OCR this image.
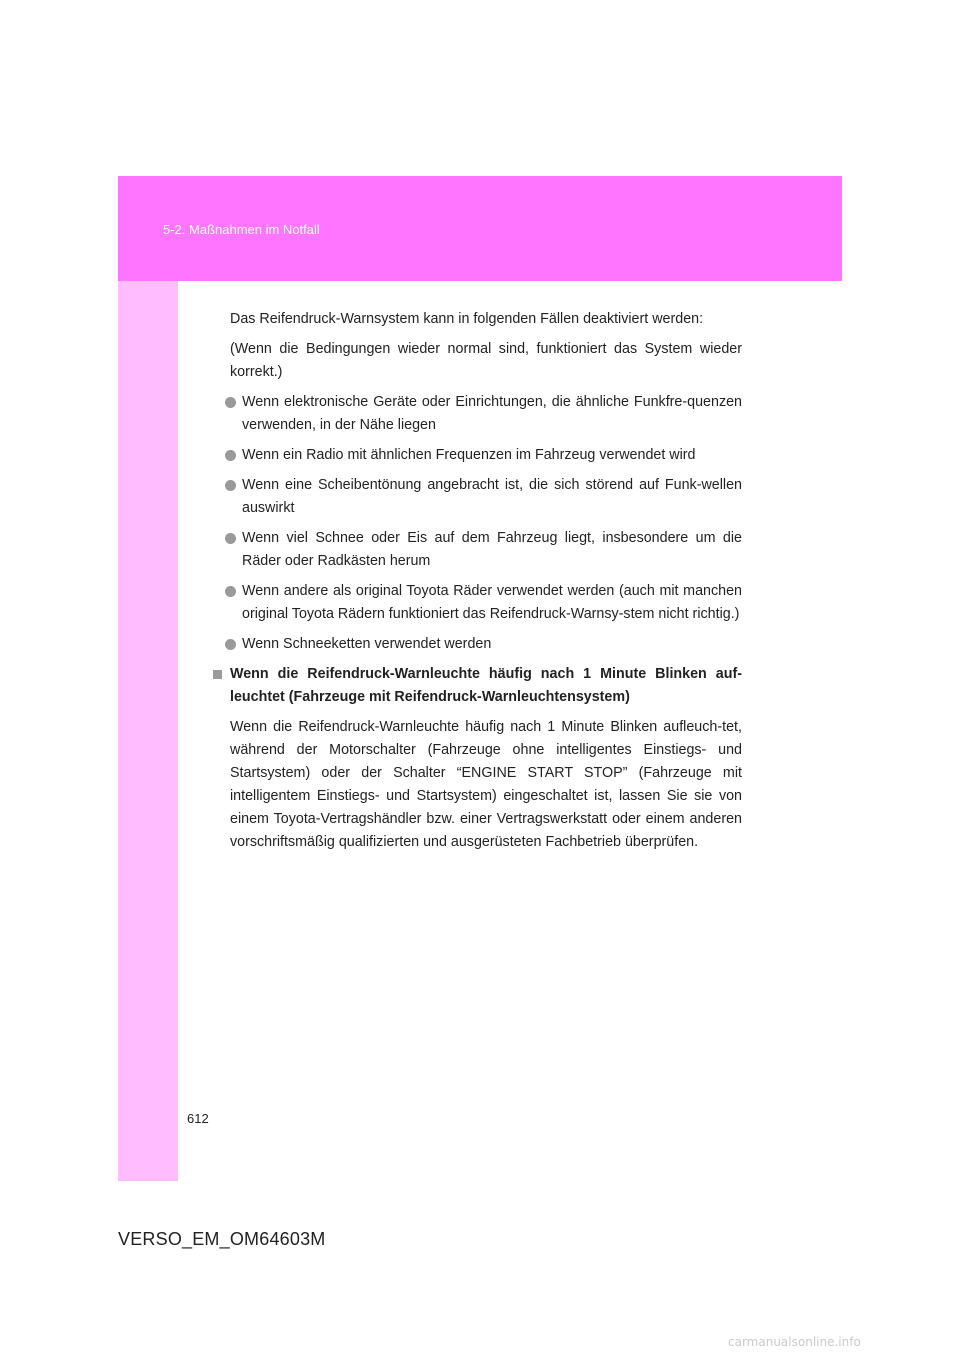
5-2. Maßnahmen im Notfall

Das Reifendruck-Warnsystem kann in folgenden Fällen deaktiviert werden:

(Wenn die Bedingungen wieder normal sind, funktioniert das System wieder korrekt.)

Wenn elektronische Geräte oder Einrichtungen, die ähnliche Funkfre-quenzen verwenden, in der Nähe liegen
Wenn ein Radio mit ähnlichen Frequenzen im Fahrzeug verwendet wird
Wenn eine Scheibentönung angebracht ist, die sich störend auf Funk-wellen auswirkt
Wenn viel Schnee oder Eis auf dem Fahrzeug liegt, insbesondere um die Räder oder Radkästen herum
Wenn andere als original Toyota Räder verwendet werden (auch mit manchen original Toyota Rädern funktioniert das Reifendruck-Warnsy-stem nicht richtig.)
Wenn Schneeketten verwendet werden
Wenn die Reifendruck-Warnleuchte häufig nach 1 Minute Blinken auf-leuchtet (Fahrzeuge mit Reifendruck-Warnleuchtensystem)

Wenn die Reifendruck-Warnleuchte häufig nach 1 Minute Blinken aufleuch-tet, während der Motorschalter (Fahrzeuge ohne intelligentes Einstiegs- und Startsystem) oder der Schalter “ENGINE START STOP” (Fahrzeuge mit intelligentem Einstiegs- und Startsystem) eingeschaltet ist, lassen Sie sie von einem Toyota-Vertragshändler bzw. einer Vertragswerkstatt oder einem anderen vorschriftsmäßig qualifizierten und ausgerüsteten Fachbetrieb überprüfen.

612
VERSO_EM_OM64603M
carmanualsonline.info
